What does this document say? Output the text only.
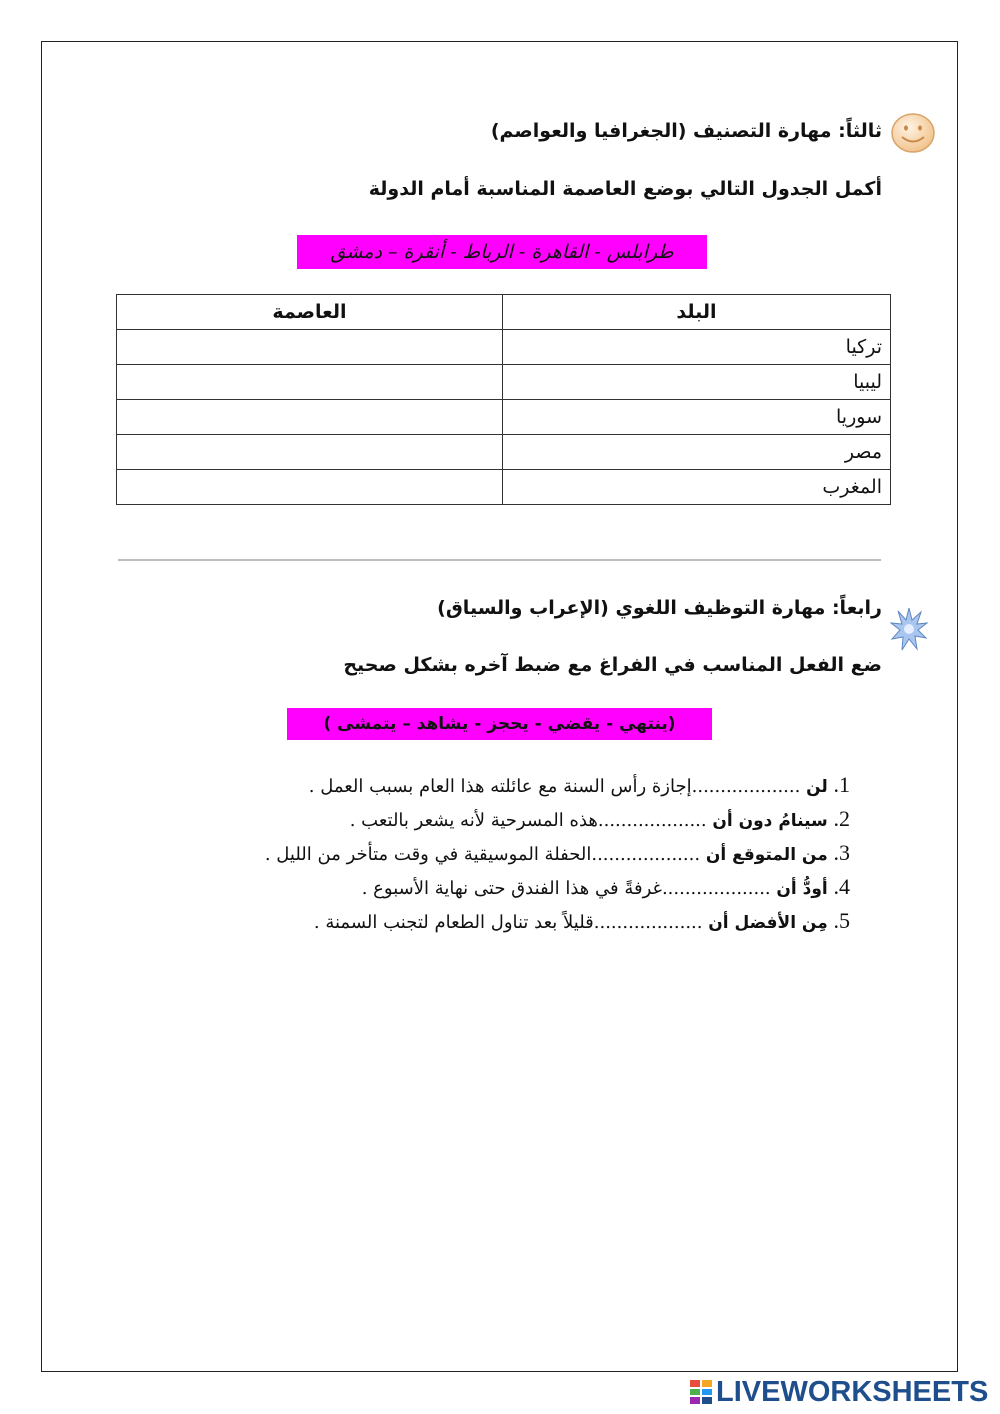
ثالثاً: مهارة التصنيف (الجغرافيا والعواصم)
أكمل الجدول التالي بوضع العاصمة المناسبة أمام الدولة
طرابلس - القاهرة - الرباط - أنقرة – دمشق
البلد	العاصمة
تركيا	
ليبيا	
سوريا	
مصر	
المغرب	
رابعاً: مهارة التوظيف اللغوي (الإعراب والسياق)
ضع الفعل المناسب في الفراغ مع ضبط آخره بشكل صحيح
(ينتهي - يقضي - يحجز - يشاهد – يتمشى )
1. لن ...................إجازة رأس السنة مع عائلته هذا العام بسبب العمل .
2. سينامُ دون أن ...................هذه المسرحية لأنه يشعر بالتعب .
3. من المتوقع أن ...................الحفلة الموسيقية في وقت متأخر من الليل .
4. أودُّ أن ...................غرفةً في هذا الفندق حتى نهاية الأسبوع .
5. مِن الأفضل أن ...................قليلاً بعد تناول الطعام لتجنب السمنة .
LIVEWORKSHEETS
